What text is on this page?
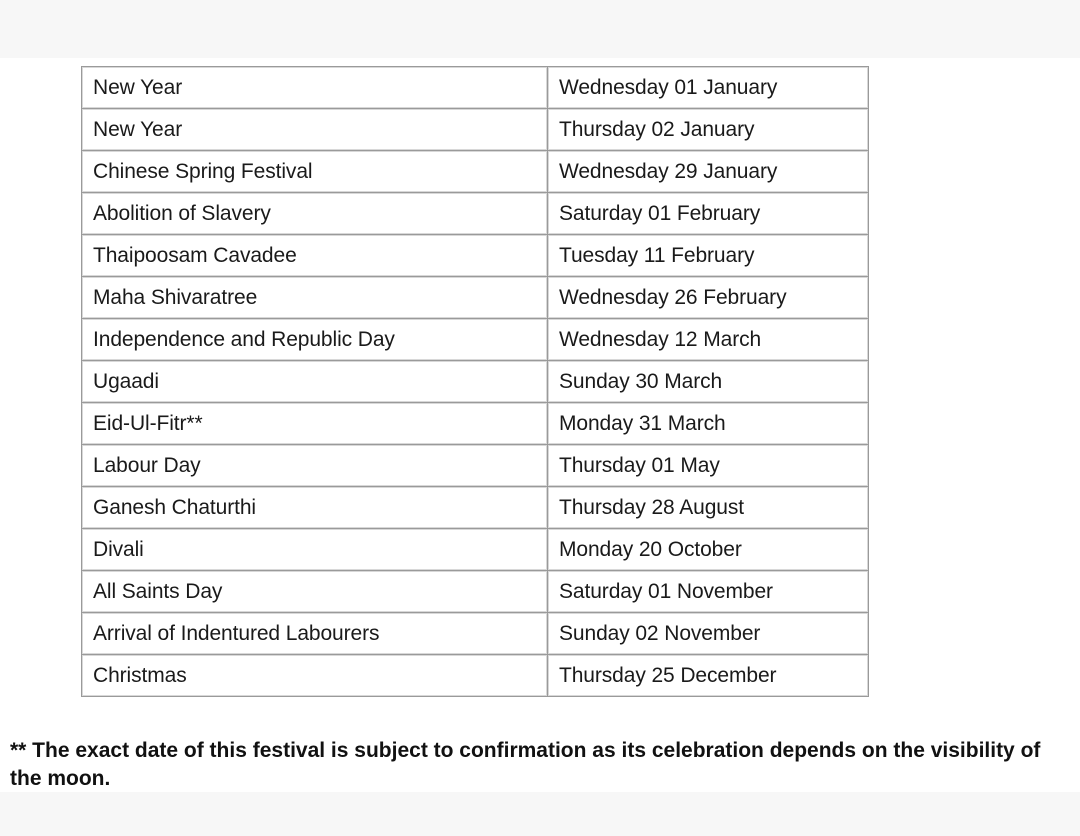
New Year	Wednesday 01 January
New Year	Thursday 02 January
Chinese Spring Festival	Wednesday 29 January
Abolition of Slavery	Saturday 01 February
Thaipoosam Cavadee	Tuesday 11 February
Maha Shivaratree	Wednesday 26 February
Independence and Republic Day	Wednesday 12 March
Ugaadi	Sunday 30 March
Eid-Ul-Fitr**	Monday 31 March
Labour Day	Thursday 01 May
Ganesh Chaturthi	Thursday 28 August
Divali	Monday 20 October
All Saints Day	Saturday 01 November
Arrival of Indentured Labourers	Sunday 02 November
Christmas	Thursday 25 December

** The exact date of this festival is subject to confirmation as its celebration depends on the visibility of the moon.
